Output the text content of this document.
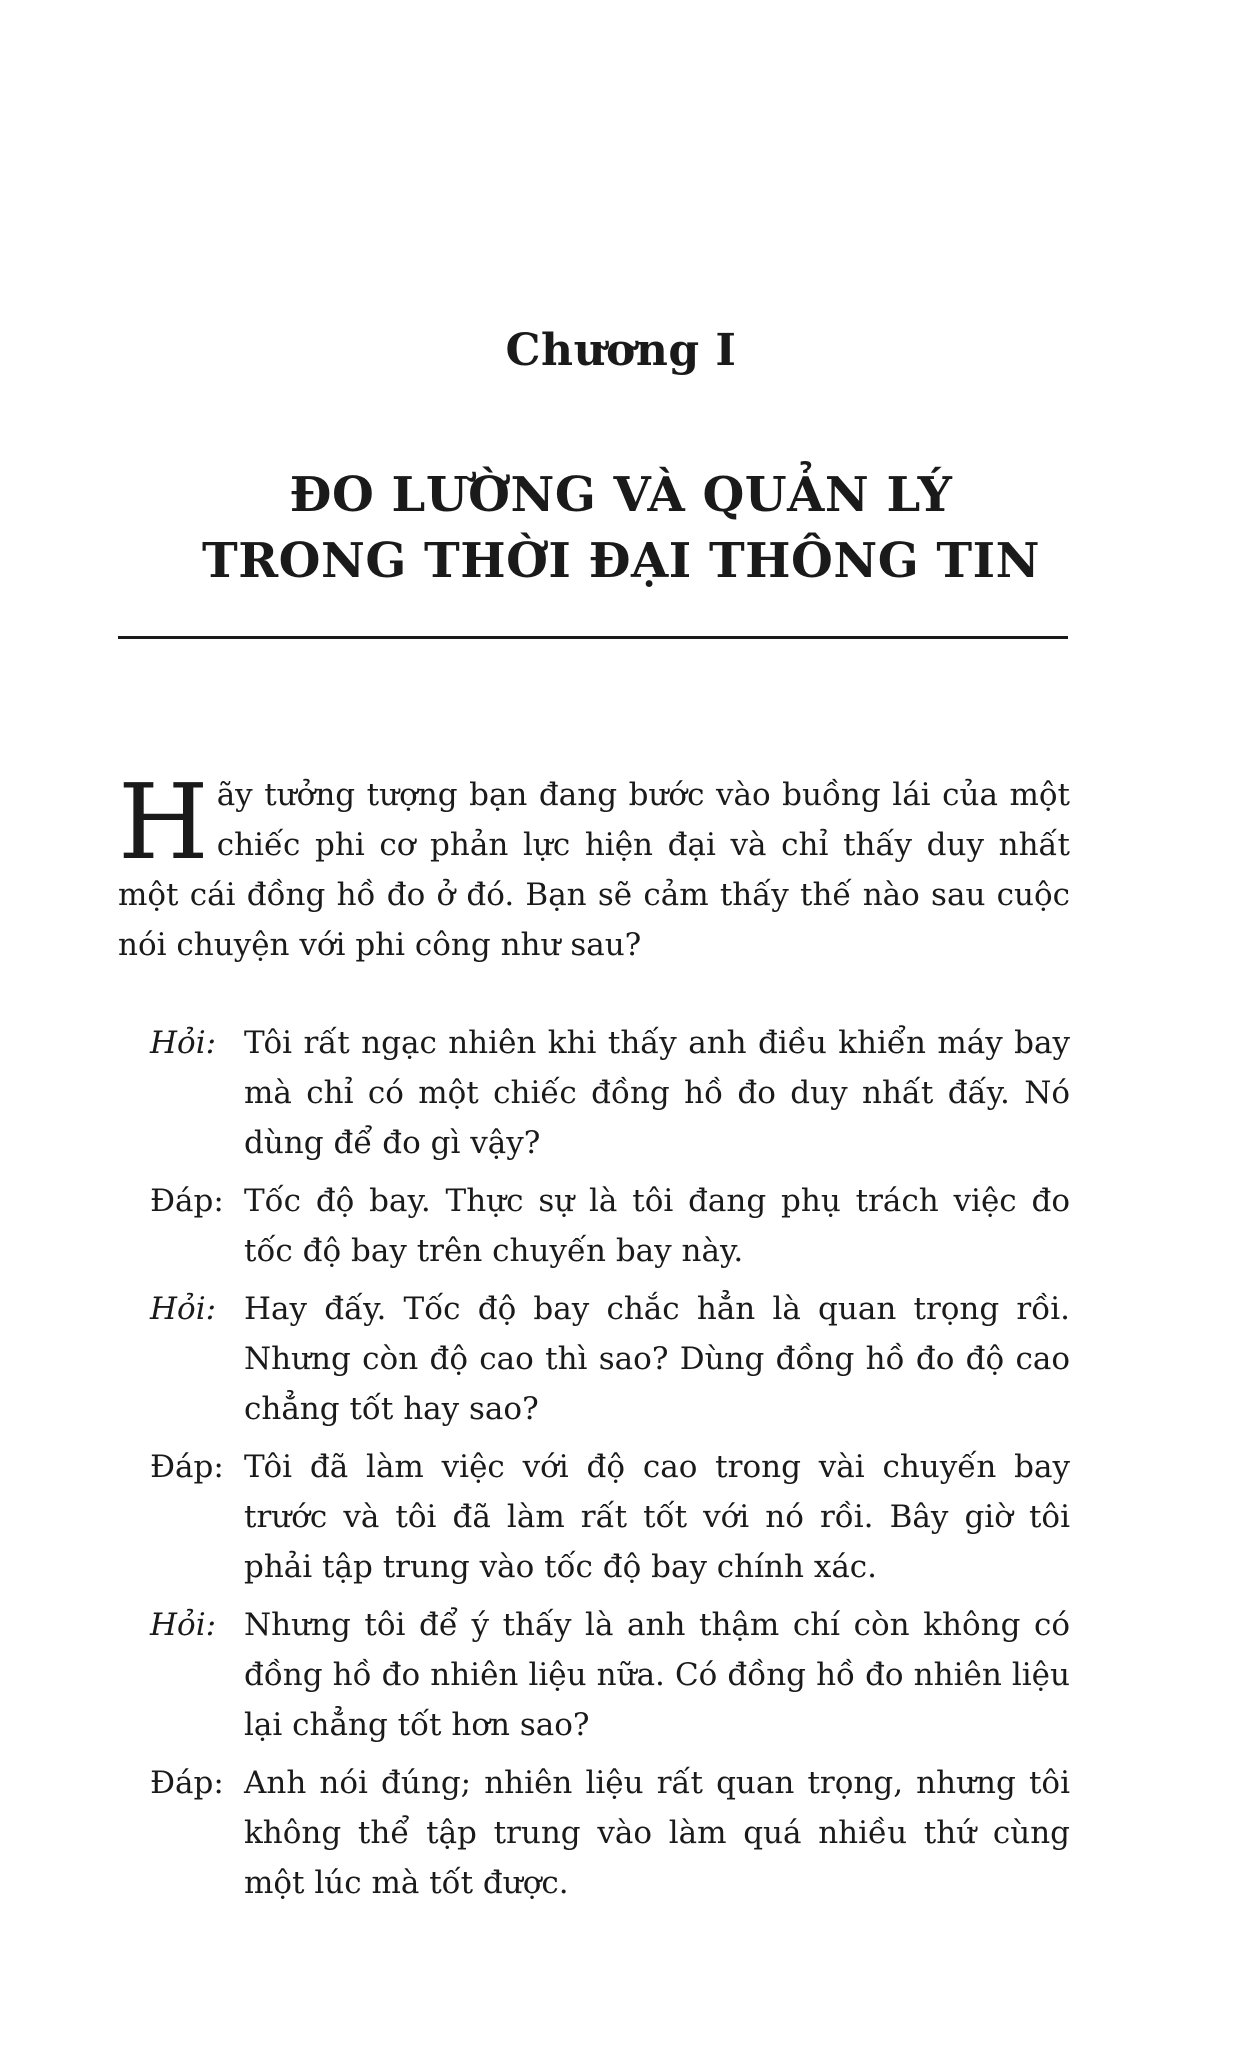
Chương I
ĐO LƯỜNG VÀ QUẢN LÝ
TRONG THỜI ĐẠI THÔNG TIN
Hãy tưởng tượng bạn đang bước vào buồng lái của một chiếc phi cơ phản lực hiện đại và chỉ thấy duy nhất một cái đồng hồ đo ở đó. Bạn sẽ cảm thấy thế nào sau cuộc nói chuyện với phi công như sau?
Hỏi: Tôi rất ngạc nhiên khi thấy anh điều khiển máy bay mà chỉ có một chiếc đồng hồ đo duy nhất đấy. Nó dùng để đo gì vậy?
Đáp: Tốc độ bay. Thực sự là tôi đang phụ trách việc đo tốc độ bay trên chuyến bay này.
Hỏi: Hay đấy. Tốc độ bay chắc hẳn là quan trọng rồi. Nhưng còn độ cao thì sao? Dùng đồng hồ đo độ cao chẳng tốt hay sao?
Đáp: Tôi đã làm việc với độ cao trong vài chuyến bay trước và tôi đã làm rất tốt với nó rồi. Bây giờ tôi phải tập trung vào tốc độ bay chính xác.
Hỏi: Nhưng tôi để ý thấy là anh thậm chí còn không có đồng hồ đo nhiên liệu nữa. Có đồng hồ đo nhiên liệu lại chẳng tốt hơn sao?
Đáp: Anh nói đúng; nhiên liệu rất quan trọng, nhưng tôi không thể tập trung vào làm quá nhiều thứ cùng một lúc mà tốt được.
